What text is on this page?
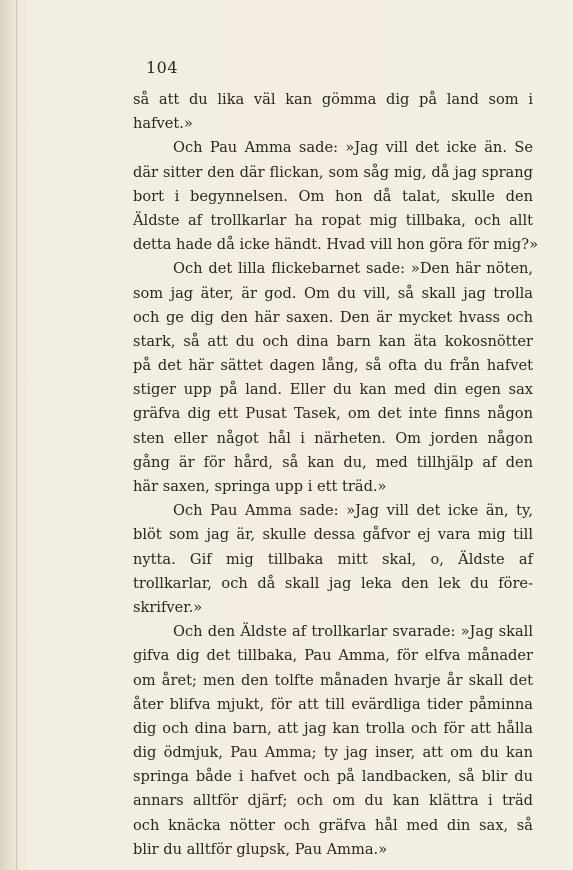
104
så att du lika väl kan gömma dig på land som i
hafvet.»
Och Pau Amma sade: »Jag vill det icke än. Se
där sitter den där flickan, som såg mig, då jag sprang
bort i begynnelsen. Om hon då talat, skulle den
Äldste af trollkarlar ha ropat mig tillbaka, och allt
detta hade då icke händt. Hvad vill hon göra för mig?»
Och det lilla flickebarnet sade: »Den här nöten,
som jag äter, är god. Om du vill, så skall jag trolla
och ge dig den här saxen. Den är mycket hvass och
stark, så att du och dina barn kan äta kokosnötter
på det här sättet dagen lång, så ofta du från hafvet
stiger upp på land. Eller du kan med din egen sax
gräfva dig ett Pusat Tasek, om det inte finns någon
sten eller något hål i närheten. Om jorden någon
gång är för hård, så kan du, med tillhjälp af den
här saxen, springa upp i ett träd.»
Och Pau Amma sade: »Jag vill det icke än, ty,
blöt som jag är, skulle dessa gåfvor ej vara mig till
nytta. Gif mig tillbaka mitt skal, o, Äldste af
trollkarlar, och då skall jag leka den lek du före-
skrifver.»
Och den Äldste af trollkarlar svarade: »Jag skall
gifva dig det tillbaka, Pau Amma, för elfva månader
om året; men den tolfte månaden hvarje år skall det
åter blifva mjukt, för att till evärdliga tider påminna
dig och dina barn, att jag kan trolla och för att hålla
dig ödmjuk, Pau Amma; ty jag inser, att om du kan
springa både i hafvet och på landbacken, så blir du
annars alltför djärf; och om du kan klättra i träd
och knäcka nötter och gräfva hål med din sax, så
blir du alltför glupsk, Pau Amma.»
